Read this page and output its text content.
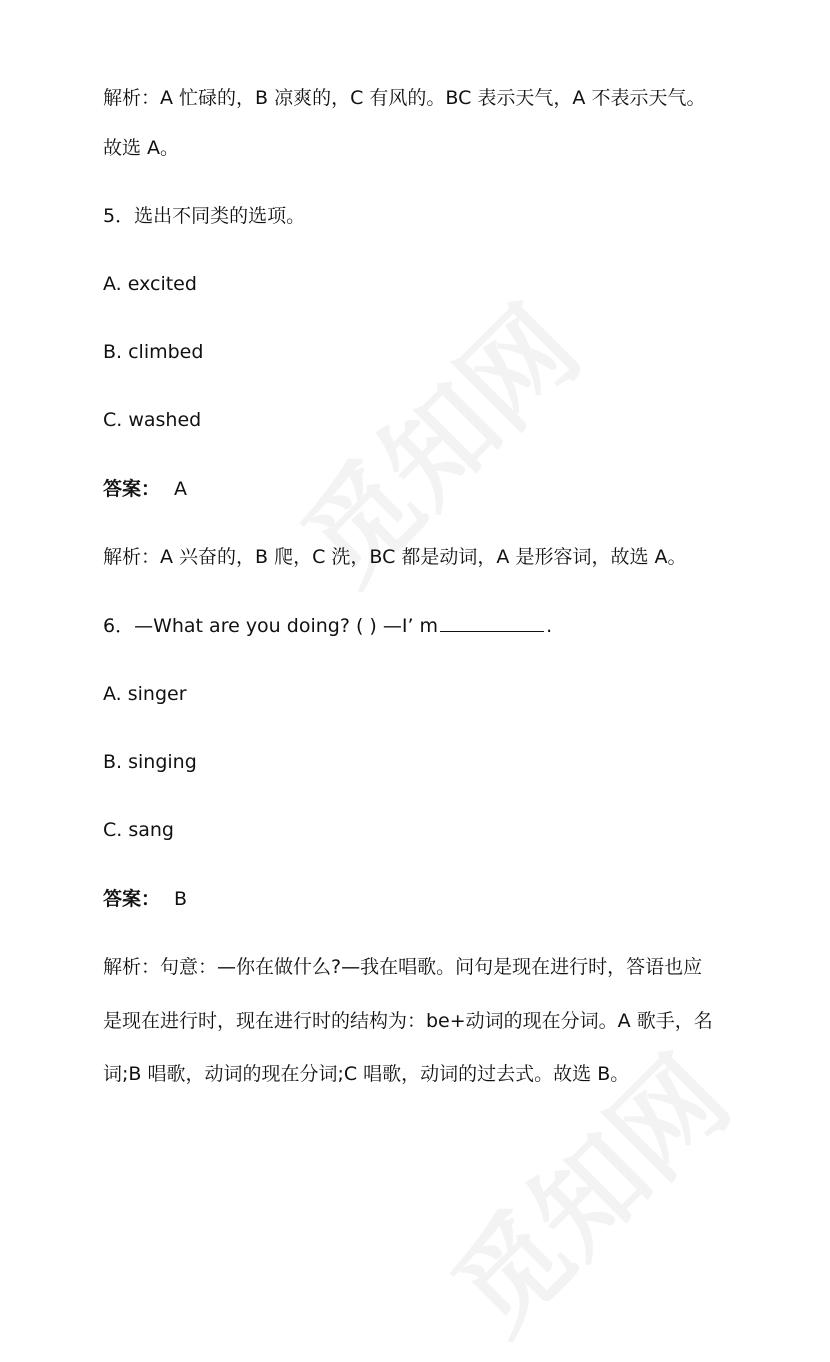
解析：A 忙碌的，B 凉爽的，C 有风的。BC 表示天气，A 不表示天气。
故选 A。
5．选出不同类的选项。
A. excited
B. climbed
C. washed
答案： A
解析：A 兴奋的，B 爬，C 洗，BC 都是动词，A 是形容词，故选 A。
6．—What are you doing? ( ) —I’ m	.
A. singer
B. singing
C. sang
答案： B
解析：句意：—你在做什么?—我在唱歌。问句是现在进行时，答语也应
是现在进行时，现在进行时的结构为：be+动词的现在分词。A 歌手，名
词;B 唱歌，动词的现在分词;C 唱歌，动词的过去式。故选 B。
